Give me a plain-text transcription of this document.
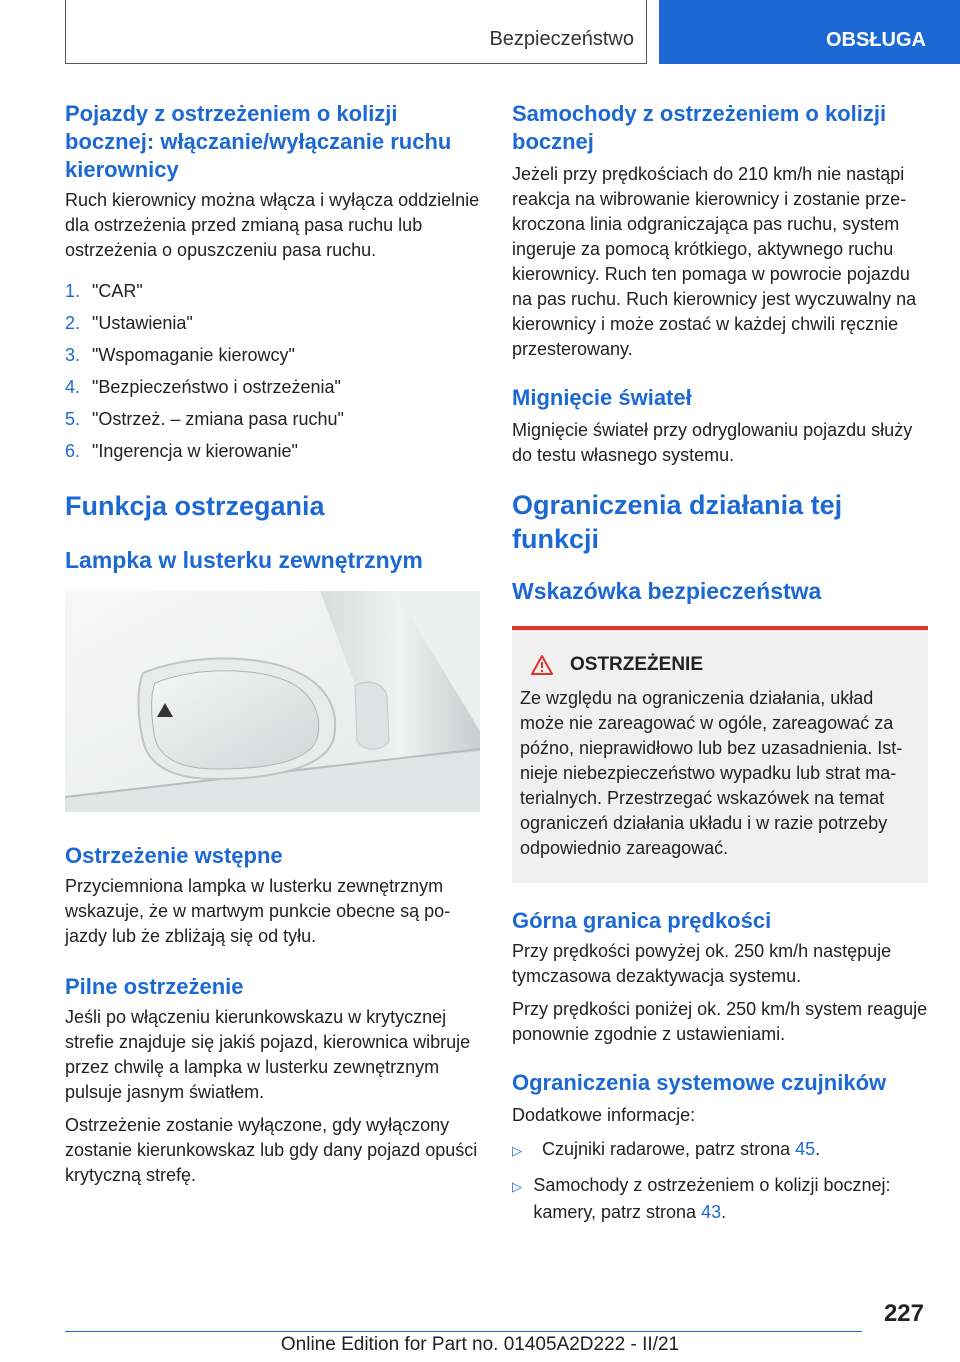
Bezpieczeństwo	OBSŁUGA
Pojazdy z ostrzeżeniem o kolizji bocznej: włączanie/wyłączanie ruchu kierownicy

Ruch kierownicy można włącza i wyłącza oddzielnie dla ostrzeżenia przed zmianą pasa ruchu lub ostrzeżenia o opuszczeniu pasa ruchu.

1. "CAR"
2. "Ustawienia"
3. "Wspomaganie kierowcy"
4. "Bezpieczeństwo i ostrzeżenia"
5. "Ostrzeż. – zmiana pasa ruchu"
6. "Ingerencja w kierowanie"
Funkcja ostrzegania
Lampka w lusterku zewnętrznym
Ostrzeżenie wstępne

Przyciemniona lampka w lusterku zewnętrznym wskazuje, że w martwym punkcie obecne są pojazdy lub że zbliżają się od tyłu.

Pilne ostrzeżenie

Jeśli po włączeniu kierunkowskazu w krytycznej strefie znajduje się jakiś pojazd, kierownica wibruje przez chwilę a lampka w lusterku zewnętrznym pulsuje jasnym światłem.

Ostrzeżenie zostanie wyłączone, gdy wyłączony zostanie kierunkowskaz lub gdy dany pojazd opuści krytyczną strefę.

Samochody z ostrzeżeniem o kolizji bocznej

Jeżeli przy prędkościach do 210 km/h nie nastąpi reakcja na wibrowanie kierownicy i zostanie przekroczona linia odgraniczająca pas ruchu, system ingeruje za pomocą krótkiego, aktywnego ruchu kierownicy. Ruch ten pomaga w powrocie pojazdu na pas ruchu. Ruch kierownicy jest wyczuwalny na kierownicy i może zostać w każdej chwili ręcznie przesterowany.

Mignięcie świateł

Mignięcie świateł przy odryglowaniu pojazdu służy do testu własnego systemu.

Ograniczenia działania tej funkcji
Wskazówka bezpieczeństwa
OSTRZEŻENIE

Ze względu na ograniczenia działania, układ może nie zareagować w ogóle, zareagować za późno, nieprawidłowo lub bez uzasadnienia. Istnieje niebezpieczeństwo wypadku lub strat materialnych. Przestrzegać wskazówek na temat ograniczeń działania układu i w razie potrzeby odpowiednio zareagować.

Górna granica prędkości

Przy prędkości powyżej ok. 250 km/h następuje tymczasowa dezaktywacja systemu.

Przy prędkości poniżej ok. 250 km/h system reaguje ponownie zgodnie z ustawieniami.

Ograniczenia systemowe czujników

Dodatkowe informacje:

▷	Czujniki radarowe, patrz strona 45.
▷ Samochody z ostrzeżeniem o kolizji bocznej: kamery, patrz strona 43.
227
Online Edition for Part no. 01405A2D222 - II/21
